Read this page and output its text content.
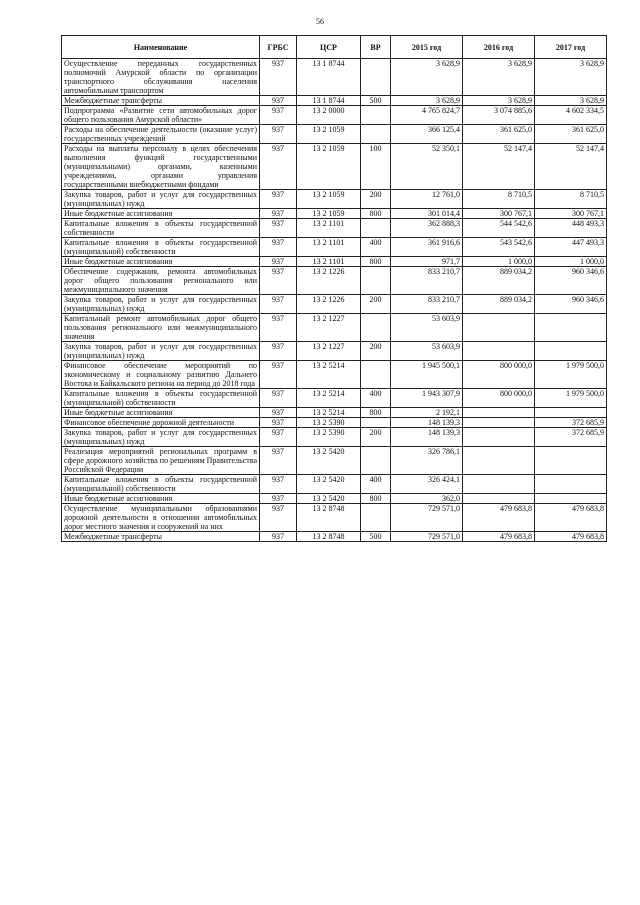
56
Наименование	ГРБС	ЦСР	ВР	2015 год	2016 год	2017 год
Осуществление переданных государственных полномочий Амурской области по организации транспортного обслуживания населения автомобильным транспортом	937	13 1 8744		3 628,9	3 628,9	3 628,9
Межбюджетные трансферты	937	13 1 8744	500	3 628,9	3 628,9	3 628,9
Подпрограмма «Развитие сети автомобильных дорог общего пользования Амурской области»	937	13 2 0000		4 765 824,7	3 074 885,6	4 602 334,5
Расходы на обеспечение деятельности (оказание услуг) государственных учреждений	937	13 2 1059		366 125,4	361 625,0	361 625,0
Расходы на выплаты персоналу в целях обеспечения выполнения функций государственными (муниципальными) органами, казенными учреждениями, органами управления государственными внебюджетными фондами	937	13 2 1059	100	52 350,1	52 147,4	52 147,4
Закупка товаров, работ и услуг для государственных (муниципальных) нужд	937	13 2 1059	200	12 761,0	8 710,5	8 710,5
Иные бюджетные ассигнования	937	13 2 1059	800	301 014,4	300 767,1	300 767,1
Капитальные вложения в объекты государственной собственности	937	13 2 1101		362 888,3	544 542,6	448 493,3
Капитальные вложения в объекты государственной (муниципальной) собственности	937	13 2 1101	400	361 916,6	543 542,6	447 493,3
Иные бюджетные ассигнования	937	13 2 1101	800	971,7	1 000,0	1 000,0
Обеспечение содержания, ремонта автомобильных дорог общего пользования регионального или межмуниципального значения	937	13 2 1226		833 210,7	889 034,2	960 346,6
Закупка товаров, работ и услуг для государственных (муниципальных) нужд	937	13 2 1226	200	833 210,7	889 034,2	960 346,6
Капитальный ремонт автомобильных дорог общего пользования регионального или межмуниципального значения	937	13 2 1227		53 603,9		
Закупка товаров, работ и услуг для государственных (муниципальных) нужд	937	13 2 1227	200	53 603,9		
Финансовое обеспечение мероприятий по экономическому и социальному развитию Дальнего Востока и Байкальского региона на период до 2018 года	937	13 2 5214		1 945 500,1	800 000,0	1 979 500,0
Капитальные вложения в объекты государственной (муниципальной) собственности	937	13 2 5214	400	1 943 307,9	800 000,0	1 979 500,0
Иные бюджетные ассигнования	937	13 2 5214	800	2 192,1		
Финансовое обеспечение дорожной деятельности	937	13 2 5390		148 139,3		372 685,9
Закупка товаров, работ и услуг для государственных (муниципальных) нужд	937	13 2 5390	200	148 139,3		372 685,9
Реализация мероприятий региональных программ в сфере дорожного хозяйства по решениям Правительства Российской Федерации	937	13 2 5420		326 786,1		
Капитальные вложения в объекты государственной (муниципальной) собственности	937	13 2 5420	400	326 424,1		
Иные бюджетные ассигнования	937	13 2 5420	800	362,0		
Осуществление муниципальными образованиями дорожной деятельности в отношении автомобильных дорог местного значения и сооружений на них	937	13 2 8748		729 571,0	479 683,8	479 683,8
Межбюджетные трансферты	937	13 2 8748	500	729 571,0	479 683,8	479 683,8
